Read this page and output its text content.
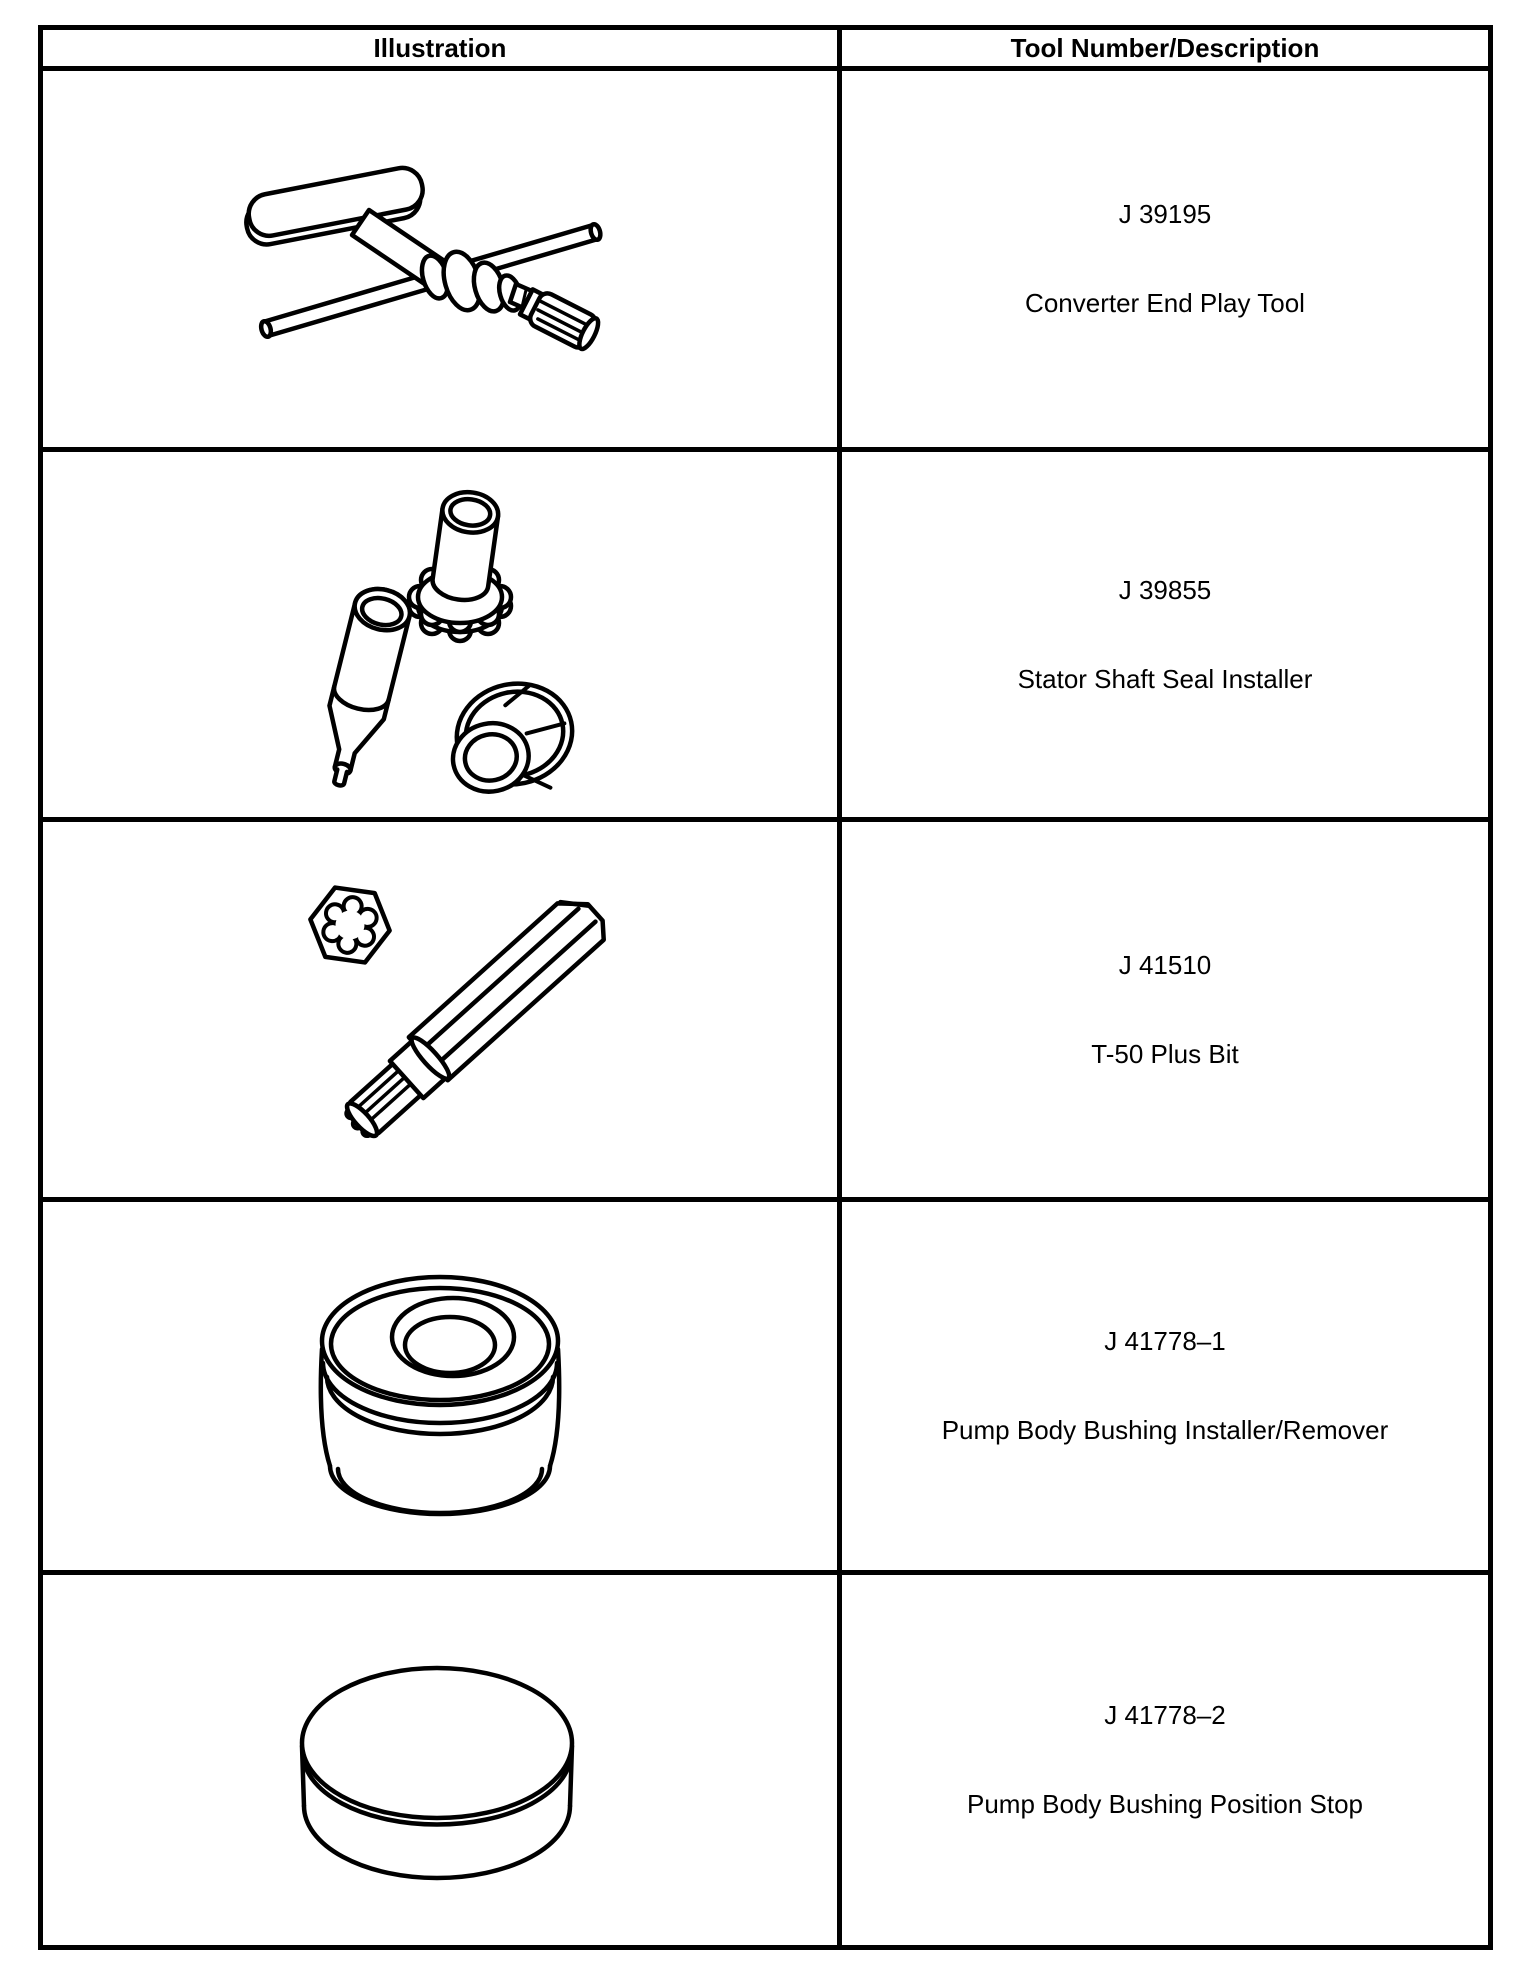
Illustration	Tool Number/Description
J 39195
Converter End Play Tool
J 39855
Stator Shaft Seal Installer
J 41510
T-50 Plus Bit
J 41778–1
Pump Body Bushing Installer/Remover
J 41778–2
Pump Body Bushing Position Stop
